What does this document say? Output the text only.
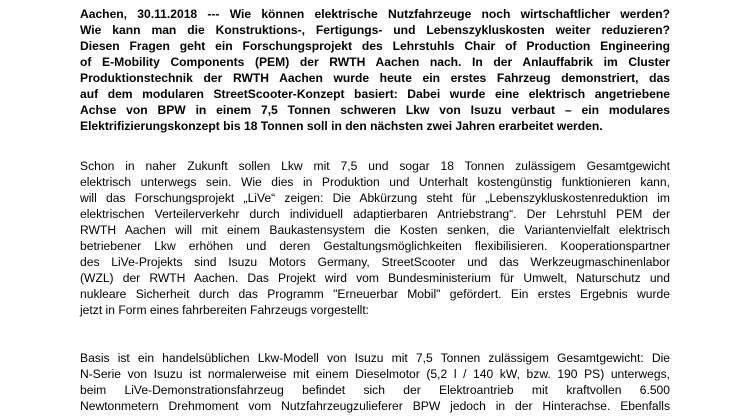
Aachen, 30.11.2018 --- Wie können elektrische Nutzfahrzeuge noch wirtschaftlicher werden?
Wie kann man die Konstruktions-, Fertigungs- und Lebenszykluskosten weiter reduzieren?
Diesen Fragen geht ein Forschungsprojekt des Lehrstuhls Chair of Production Engineering
of E-Mobility Components (PEM) der RWTH Aachen nach. In der Anlauffabrik im Cluster
Produktionstechnik der RWTH Aachen wurde heute ein erstes Fahrzeug demonstriert, das
auf dem modularen StreetScooter-Konzept basiert: Dabei wurde eine elektrisch angetriebene
Achse von BPW in einem 7,5 Tonnen schweren Lkw von Isuzu verbaut – ein modulares
Elektrifizierungskonzept bis 18 Tonnen soll in den nächsten zwei Jahren erarbeitet werden.

Schon in naher Zukunft sollen Lkw mit 7,5 und sogar 18 Tonnen zulässigem Gesamtgewicht
elektrisch unterwegs sein. Wie dies in Produktion und Unterhalt kostengünstig funktionieren kann,
will das Forschungsprojekt „LiVe“ zeigen: Die Abkürzung steht für „Lebenszykluskostenreduktion im
elektrischen Verteilerverkehr durch individuell adaptierbaren Antriebstrang“. Der Lehrstuhl PEM der
RWTH Aachen will mit einem Baukastensystem die Kosten senken, die Variantenvielfalt elektrisch
betriebener Lkw erhöhen und deren Gestaltungsmöglichkeiten flexibilisieren. Kooperationspartner
des LiVe-Projekts sind Isuzu Motors Germany, StreetScooter und das Werkzeugmaschinenlabor
(WZL) der RWTH Aachen. Das Projekt wird vom Bundesministerium für Umwelt, Naturschutz und
nukleare Sicherheit durch das Programm "Erneuerbar Mobil" gefördert. Ein erstes Ergebnis wurde
jetzt in Form eines fahrbereiten Fahrzeugs vorgestellt:

Basis ist ein handelsüblichen Lkw-Modell von Isuzu mit 7,5 Tonnen zulässigem Gesamtgewicht: Die
N-Serie von Isuzu ist normalerweise mit einem Dieselmotor (5,2 l / 140 kW, bzw. 190 PS) unterwegs,
beim LiVe-Demonstrationsfahrzeug befindet sich der Elektroantrieb mit kraftvollen 6.500
Newtonmetern Drehmoment vom Nutzfahrzeugzulieferer BPW jedoch in der Hinterachse. Ebenfalls
